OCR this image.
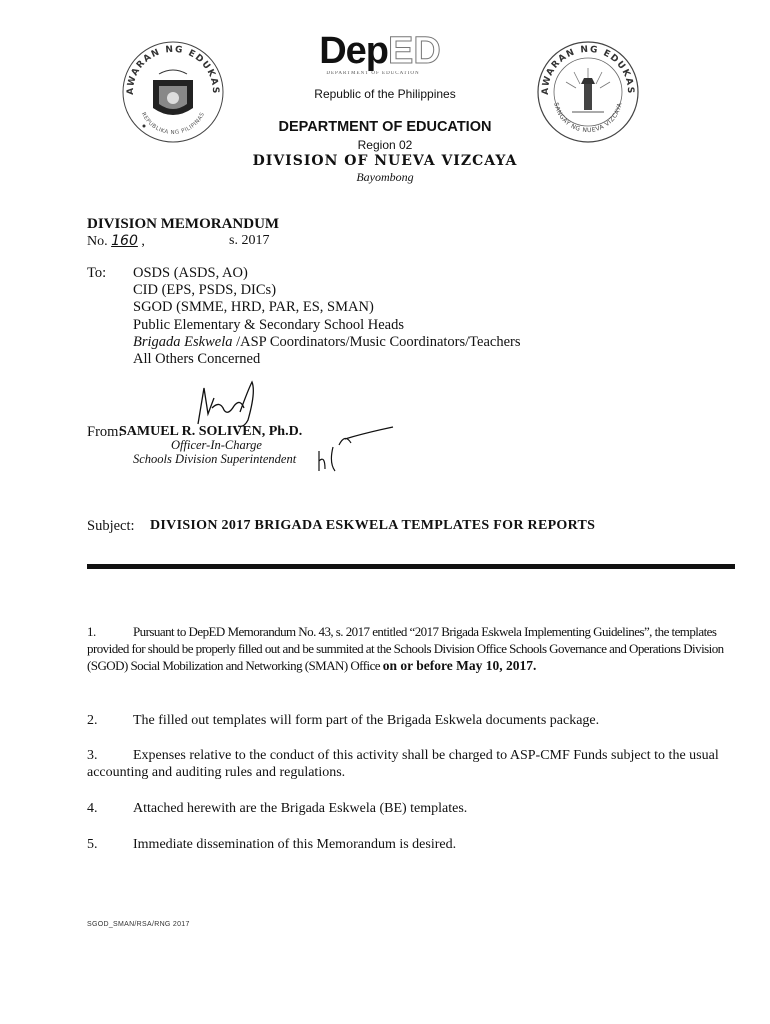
AWARAN NG EDUKAS
REPUBLIKA NG PILIPINAS
AWARAN NG EDUKAS
SANGAY NG NUEVA VIZCAYA
DepED
DEPARTMENT OF EDUCATION
Republic of the Philippines
DEPARTMENT OF EDUCATION
Region 02
DIVISION OF NUEVA VIZCAYA
Bayombong
DIVISION MEMORANDUM
No. 160 ,	s. 2017
To: OSDS (ASDS, AO)
CID (EPS, PSDS, DICs)
SGOD (SMME, HRD, PAR, ES, SMAN)
Public Elementary & Secondary School Heads
Brigada Eskwela /ASP Coordinators/Music Coordinators/Teachers
All Others Concerned
From:
SAMUEL R. SOLIVEN, Ph.D.
Officer-In-Charge
Schools Division Superintendent
Subject: DIVISION 2017 BRIGADA ESKWELA TEMPLATES FOR REPORTS
1.	Pursuant to DepED Memorandum No. 43, s. 2017 entitled “2017 Brigada Eskwela Implementing Guidelines”, the templates provided for should be properly filled out and be summited at the Schools Division Office Schools Governance and Operations Division (SGOD) Social Mobilization and Networking (SMAN) Office on or before May 10, 2017.
2.	The filled out templates will form part of the Brigada Eskwela documents package.
3.	Expenses relative to the conduct of this activity shall be charged to ASP-CMF Funds subject to the usual accounting and auditing rules and regulations.
4.	Attached herewith are the Brigada Eskwela (BE) templates.
5.	Immediate dissemination of this Memorandum is desired.
SGOD_SMAN/RSA/RNG 2017
